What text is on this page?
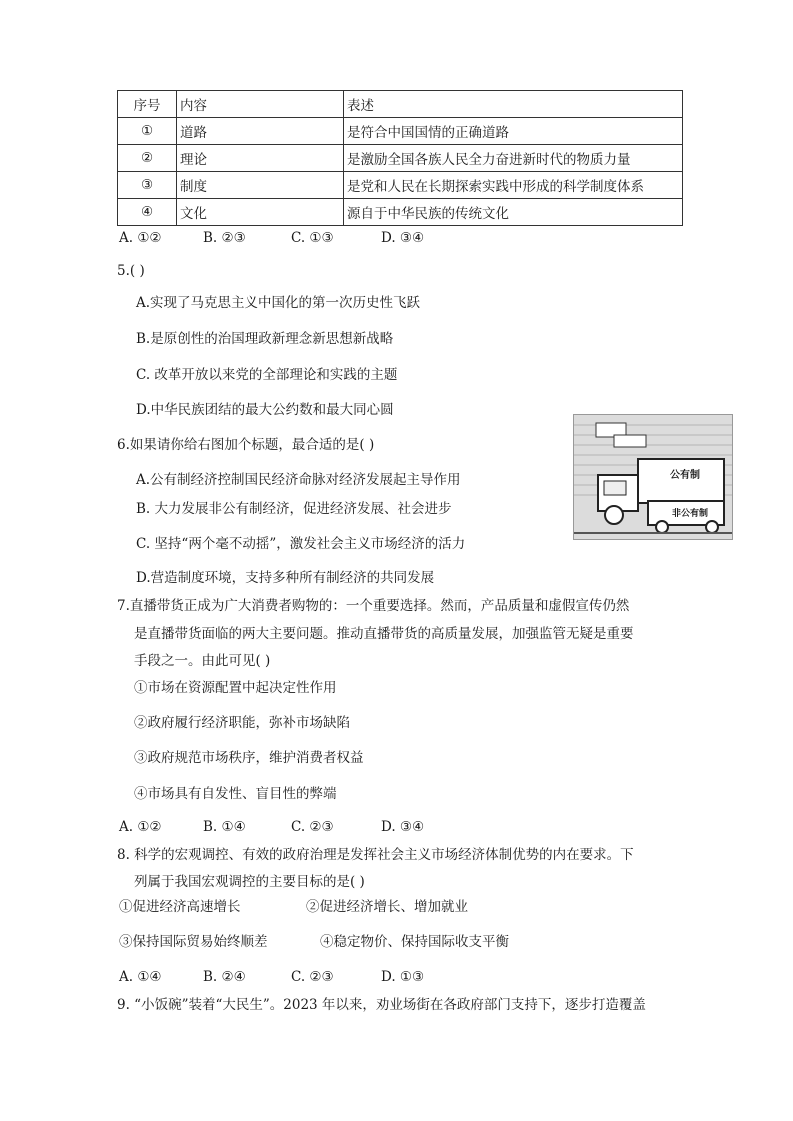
序号	内容	表述
①	道路	是符合中国国情的正确道路
②	理论	是激励全国各族人民全力奋进新时代的物质力量
③	制度	是党和人民在长期探索实践中形成的科学制度体系
④	文化	源自于中华民族的传统文化
A. ①②	B. ②③	C. ①③	D. ③④
5.( )
A.实现了马克思主义中国化的第一次历史性飞跃
B.是原创性的治国理政新理念新思想新战略
C. 改革开放以来党的全部理论和实践的主题
D.中华民族团结的最大公约数和最大同心圆
6.如果请你给右图加个标题，最合适的是( )
A.公有制经济控制国民经济命脉对经济发展起主导作用
B. 大力发展非公有制经济，促进经济发展、社会进步
C. 坚持“两个毫不动摇”，激发社会主义市场经济的活力
D.营造制度环境，支持多种所有制经济的共同发展
公有制
非公有制
7.直播带货正成为广大消费者购物的：一个重要选择。然而，产品质量和虚假宣传仍然
是直播带货面临的两大主要问题。推动直播带货的高质量发展，加强监管无疑是重要
手段之一。由此可见( )
①市场在资源配置中起决定性作用
②政府履行经济职能，弥补市场缺陷
③政府规范市场秩序，维护消费者权益
④市场具有自发性、盲目性的弊端
A. ①②	B. ①④	C. ②③	D. ③④
8. 科学的宏观调控、有效的政府治理是发挥社会主义市场经济体制优势的内在要求。下
列属于我国宏观调控的主要目标的是( )
①促进经济高速增长	②促进经济增长、增加就业
③保持国际贸易始终顺差	④稳定物价、保持国际收支平衡
A. ①④	B. ②④	C. ②③	D. ①③
9. “小饭碗”装着“大民生”。2023 年以来，劝业场街在各政府部门支持下，逐步打造覆盖
